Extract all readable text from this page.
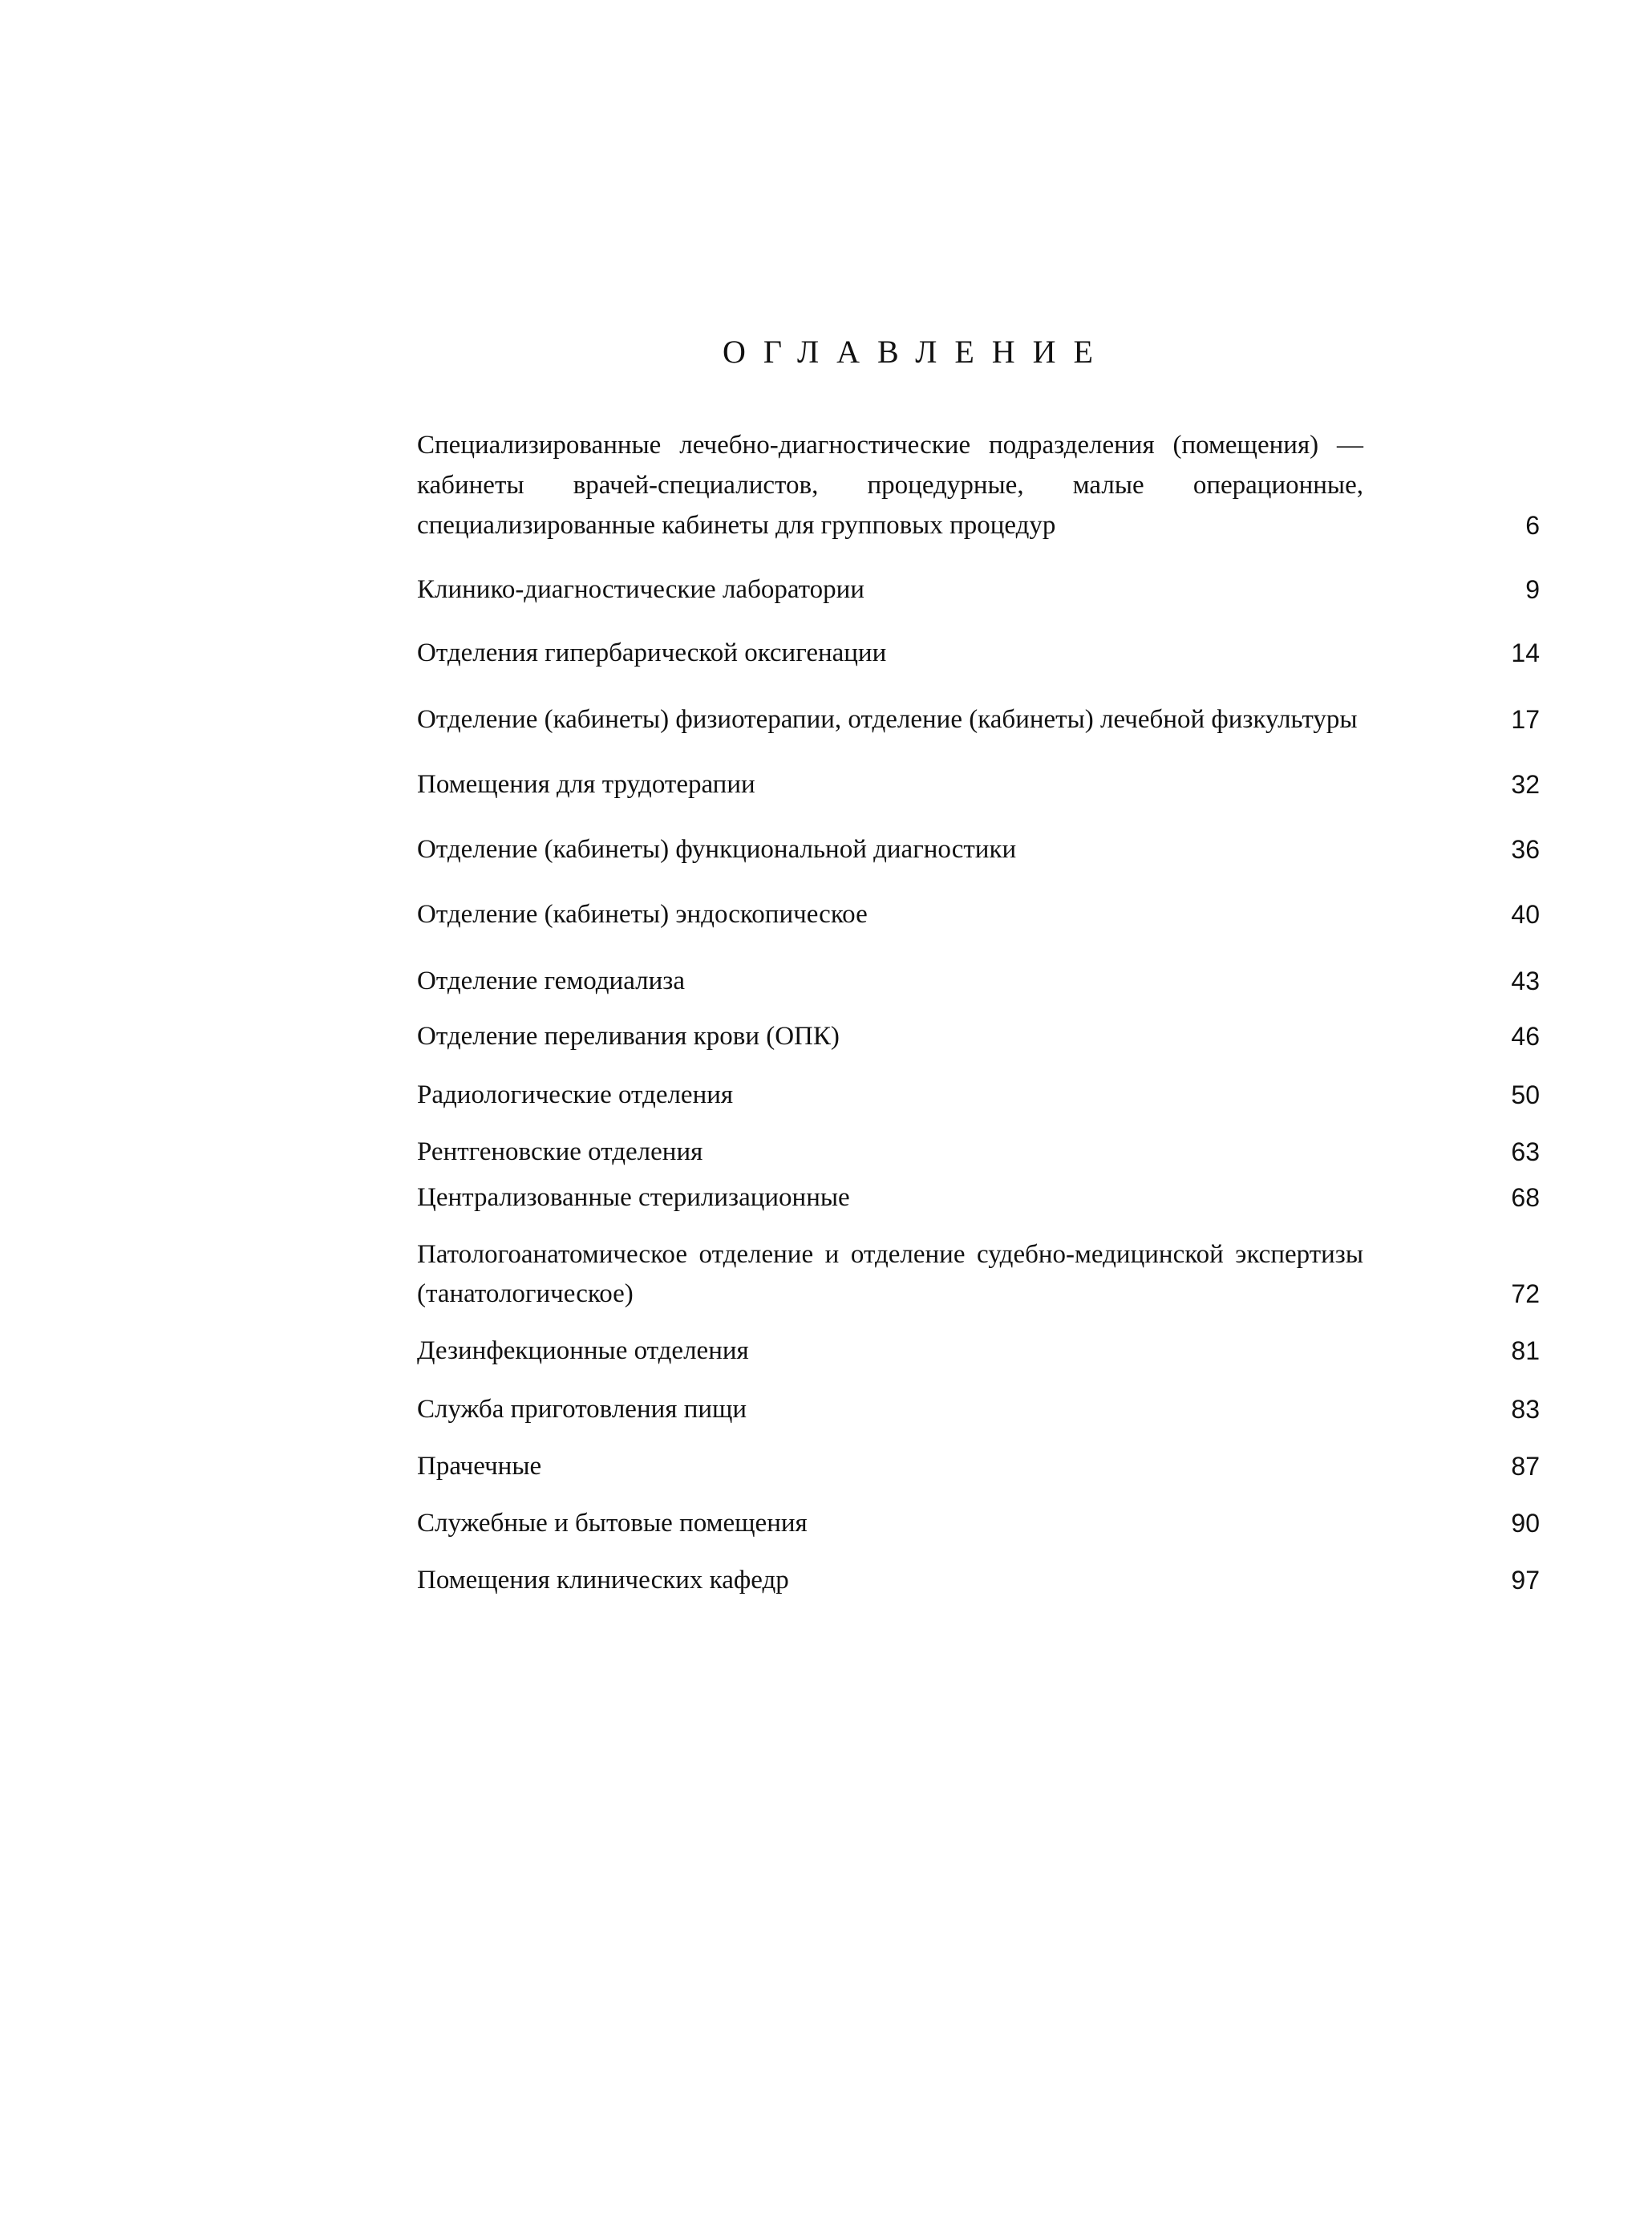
ОГЛАВЛЕНИЕ
Специализированные лечебно-диагностические подразделения (помещения) — кабинеты врачей-специалистов, процедурные, малые операционные, специализированные кабинеты для групповых процедур	6
Клинико-диагностические лаборатории	9
Отделения гипербарической оксигенации	14
Отделение (кабинеты) физиотерапии, отделение (кабинеты) лечебной физкультуры	17
Помещения для трудотерапии	32
Отделение (кабинеты) функциональной диагностики	36
Отделение (кабинеты) эндоскопическое	40
Отделение гемодиализа	43
Отделение переливания крови (ОПК)	46
Радиологические отделения	50
Рентгеновские отделения	63
Централизованные стерилизационные	68
Патологоанатомическое отделение и отделение судебно-медицинской экспертизы (танатологическое)	72
Дезинфекционные отделения	81
Служба приготовления пищи	83
Прачечные	87
Служебные и бытовые помещения	90
Помещения клинических кафедр	97
